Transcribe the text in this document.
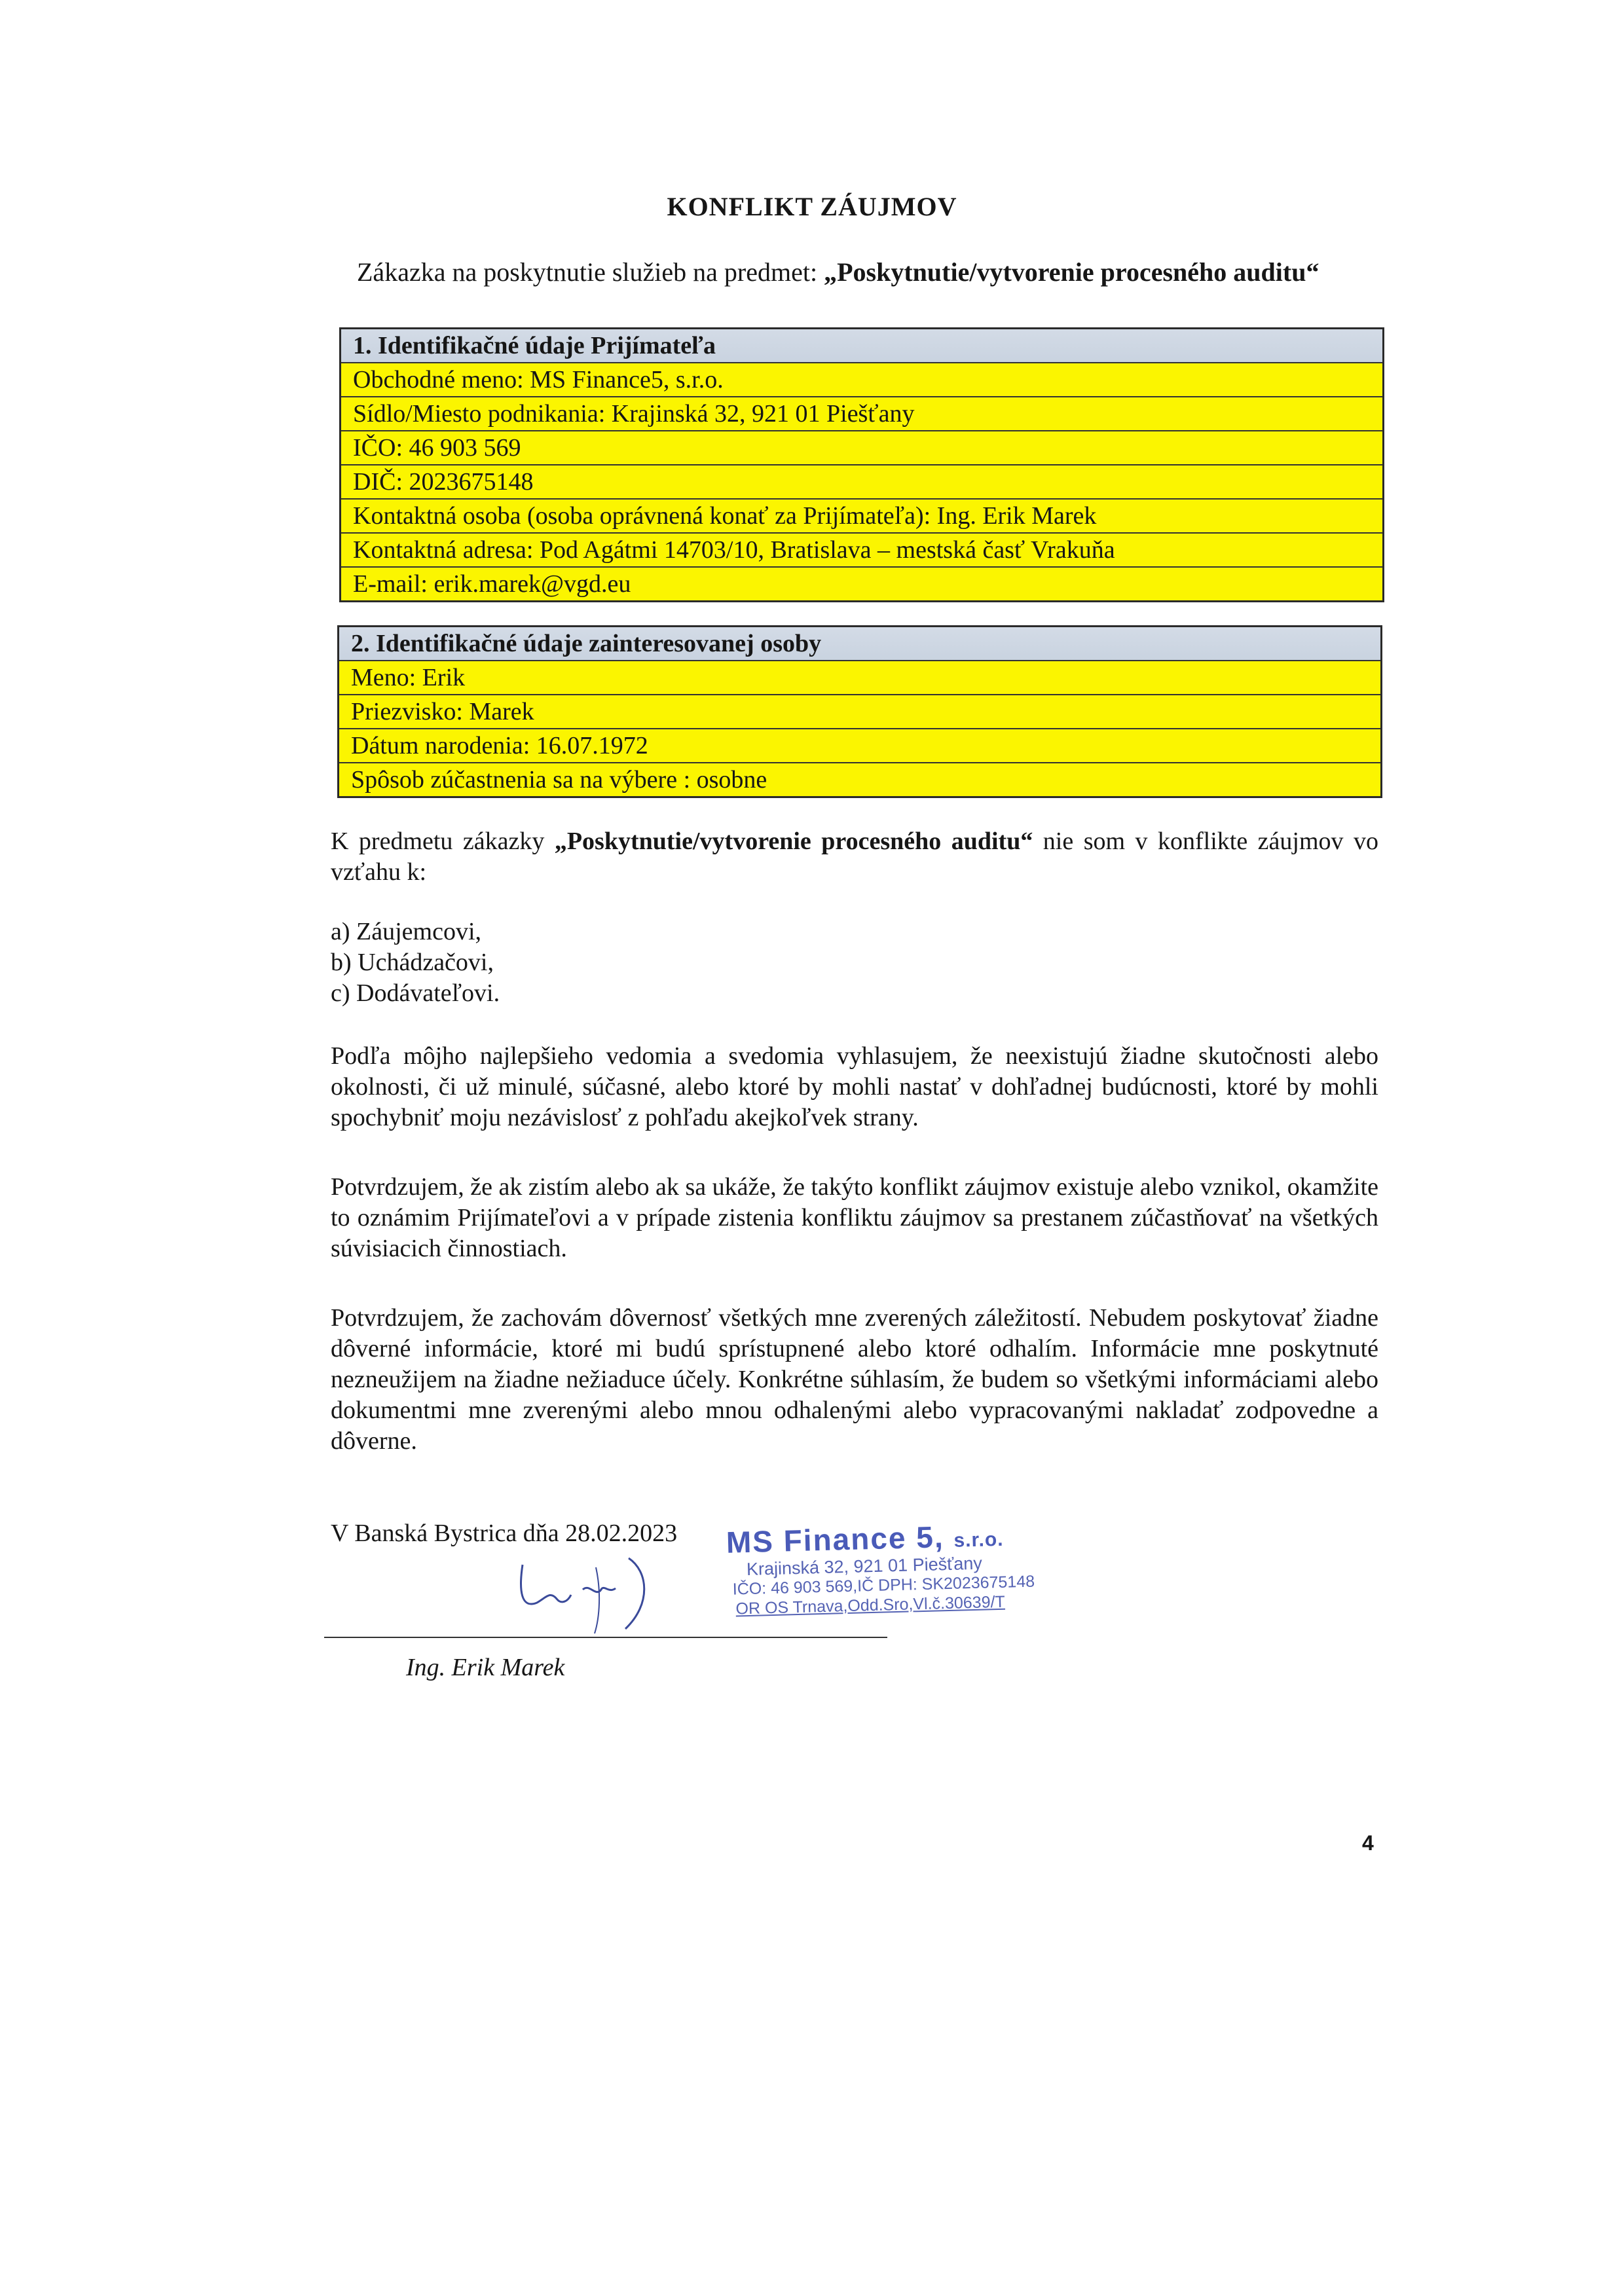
KONFLIKT ZÁUJMOV
Zákazka na poskytnutie služieb na predmet: „Poskytnutie/vytvorenie procesného auditu“
1. Identifikačné údaje Prijímateľa
Obchodné meno: MS Finance5, s.r.o.
Sídlo/Miesto podnikania: Krajinská 32, 921 01 Piešťany
IČO: 46 903 569
DIČ: 2023675148
Kontaktná osoba (osoba oprávnená konať za Prijímateľa): Ing. Erik Marek
Kontaktná adresa: Pod Agátmi 14703/10, Bratislava – mestská časť Vrakuňa
E-mail: erik.marek@vgd.eu
2. Identifikačné údaje zainteresovanej osoby
Meno: Erik
Priezvisko: Marek
Dátum narodenia: 16.07.1972
Spôsob zúčastnenia sa na výbere : osobne
K predmetu zákazky „Poskytnutie/vytvorenie procesného auditu“ nie som v konflikte záujmov vo vzťahu k:
a) Záujemcovi,
b) Uchádzačovi,
c) Dodávateľovi.
Podľa môjho najlepšieho vedomia a svedomia vyhlasujem, že neexistujú žiadne skutočnosti alebo okolnosti, či už minulé, súčasné, alebo ktoré by mohli nastať v dohľadnej budúcnosti, ktoré by mohli spochybniť moju nezávislosť z pohľadu akejkoľvek strany.
Potvrdzujem, že ak zistím alebo ak sa ukáže, že takýto konflikt záujmov existuje alebo vznikol, okamžite to oznámim Prijímateľovi a v prípade zistenia konfliktu záujmov sa prestanem zúčastňovať na všetkých súvisiacich činnostiach.
Potvrdzujem, že zachovám dôvernosť všetkých mne zverených záležitostí. Nebudem poskytovať žiadne dôverné informácie, ktoré mi budú sprístupnené alebo ktoré odhalím. Informácie mne poskytnuté nezneužijem na žiadne nežiaduce účely. Konkrétne súhlasím, že budem so všetkými informáciami alebo dokumentmi mne zverenými alebo mnou odhalenými alebo vypracovanými nakladať zodpovedne a dôverne.
V Banská Bystrica dňa 28.02.2023
Ing. Erik Marek
MS Finance 5, s.r.o.
Krajinská 32, 921 01 Piešťany
IČO: 46 903 569,IČ DPH: SK2023675148
OR OS Trnava,Odd.Sro,Vl.č.30639/T
4
